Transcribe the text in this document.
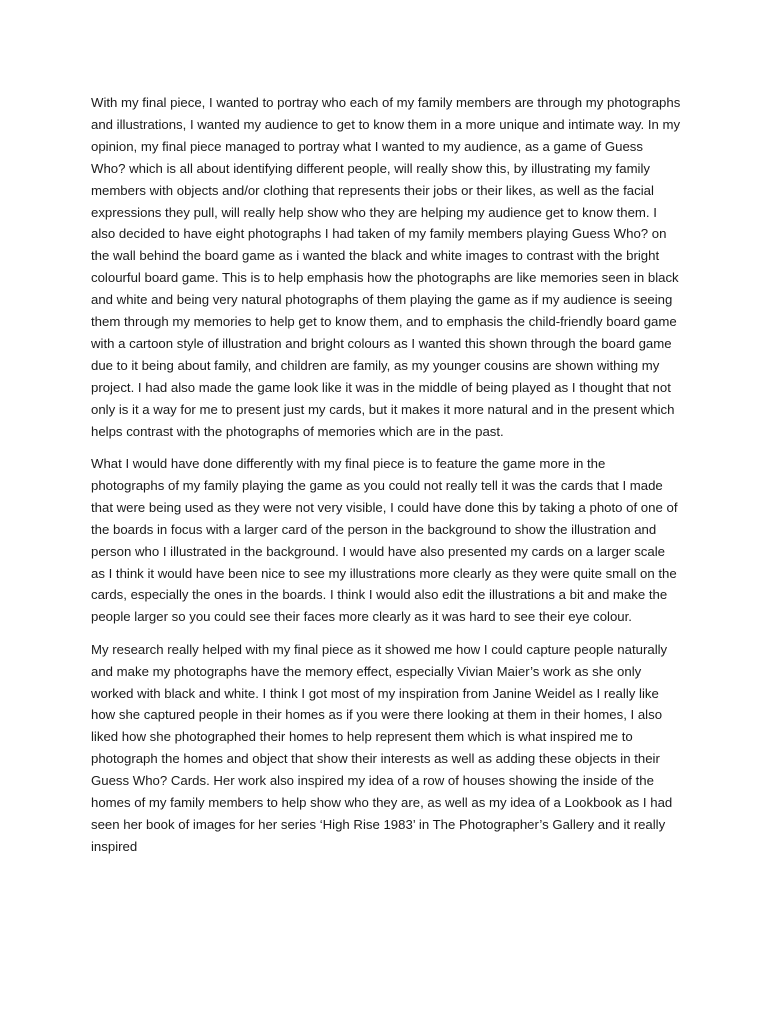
With my final piece, I wanted to portray who each of my family members are through my photographs and illustrations, I wanted my audience to get to know them in a more unique and intimate way. In my opinion, my final piece managed to portray what I wanted to my audience, as a game of Guess Who? which is all about identifying different people, will really show this, by illustrating my family members with objects and/or clothing that represents their jobs or their likes, as well as the facial expressions they pull, will really help show who they are helping my audience get to know them. I also decided to have eight photographs I had taken of my family members playing Guess Who? on the wall behind the board game as i wanted the black and white images to contrast with the bright colourful board game. This is to help emphasis how the photographs are like memories seen in black and white and being very natural photographs of them playing the game as if my audience is seeing them through my memories to help get to know them, and to emphasis the child-friendly board game with a cartoon style of illustration and bright colours as I wanted this shown through the board game due to it being about family, and children are family, as my younger cousins are shown withing my project. I had also made the game look like it was in the middle of being played as I thought that not only is it a way for me to present just my cards, but it makes it more natural and in the present which helps contrast with the photographs of memories which are in the past.

What I would have done differently with my final piece is to feature the game more in the photographs of my family playing the game as you could not really tell it was the cards that I made that were being used as they were not very visible, I could have done this by taking a photo of one of the boards in focus with a larger card of the person in the background to show the illustration and person who I illustrated in the background. I would have also presented my cards on a larger scale as I think it would have been nice to see my illustrations more clearly as they were quite small on the cards, especially the ones in the boards. I think I would also edit the illustrations a bit and make the people larger so you could see their faces more clearly as it was hard to see their eye colour.

My research really helped with my final piece as it showed me how I could capture people naturally and make my photographs have the memory effect, especially Vivian Maier’s work as she only worked with black and white. I think I got most of my inspiration from Janine Weidel as I really like how she captured people in their homes as if you were there looking at them in their homes, I also liked how she photographed their homes to help represent them which is what inspired me to photograph the homes and object that show their interests as well as adding these objects in their Guess Who? Cards. Her work also inspired my idea of a row of houses showing the inside of the homes of my family members to help show who they are, as well as my idea of a Lookbook as I had seen her book of images for her series ‘High Rise 1983’ in The Photographer’s Gallery and it really inspired
